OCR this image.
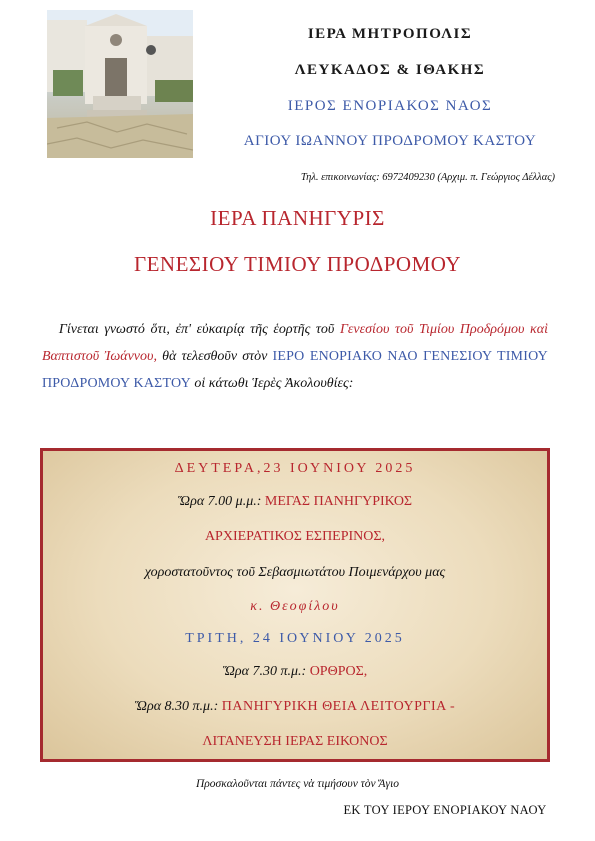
ΙΕΡΑ ΜΗΤΡΟΠΟΛΙΣ
ΛΕΥΚΑΔΟΣ & ΙΘΑΚΗΣ
ΙΕΡΟΣ ΕΝΟΡΙΑΚΟΣ ΝΑΟΣ
ΑΓΙΟΥ ΙΩΑΝΝΟΥ ΠΡΟΔΡΟΜΟΥ ΚΑΣΤΟΥ
Τηλ. επικοινωνίας: 6972409230 (Αρχιμ. π. Γεώργιος Δέλλας)
ΙΕΡΑ ΠΑΝΗΓΥΡΙΣ
ΓΕΝΕΣΙΟΥ ΤΙΜΙΟΥ ΠΡΟΔΡΟΜΟΥ
Γίνεται γνωστό ὅτι, ἐπ' εὐκαιρίᾳ τῆς ἑορτῆς τοῦ Γενεσίου τοῦ Τιμίου Προδρόμου καὶ Βαπτιστοῦ Ἰωάννου, θὰ τελεσθοῦν στὸν ΙΕΡΟ ΕΝΟΡΙΑΚΟ ΝΑΟ ΓΕΝΕΣΙΟΥ ΤΙΜΙΟΥ ΠΡΟΔΡΟΜΟΥ ΚΑΣΤΟΥ οἱ κάτωθι Ἱερὲς Ἀκολουθίες:
ΔΕΥΤΕΡΑ,23 ΙΟΥΝΙΟΥ 2025
Ὥρα 7.00 μ.μ.: ΜΕΓΑΣ ΠΑΝΗΓΥΡΙΚΟΣ
ΑΡΧΙΕΡΑΤΙΚΟΣ ΕΣΠΕΡΙΝΟΣ,
χοροστατοῦντος τοῦ Σεβασμιωτάτου Ποιμενάρχου μας
κ. Θεοφίλου
ΤΡΙΤΗ, 24 ΙΟΥΝΙΟΥ 2025
Ὥρα 7.30 π.μ.: ΟΡΘΡΟΣ,
Ὥρα 8.30 π.μ.: ΠΑΝΗΓΥΡΙΚΗ ΘΕΙΑ ΛΕΙΤΟΥΡΓΙΑ -
ΛΙΤΑΝΕΥΣΗ ΙΕΡΑΣ ΕΙΚΟΝΟΣ
Προσκαλοῦνται πάντες νὰ τιμήσουν τὸν Ἅγιο
ΕΚ ΤΟΥ ΙΕΡΟΥ ΕΝΟΡΙΑΚΟΥ ΝΑΟΥ
